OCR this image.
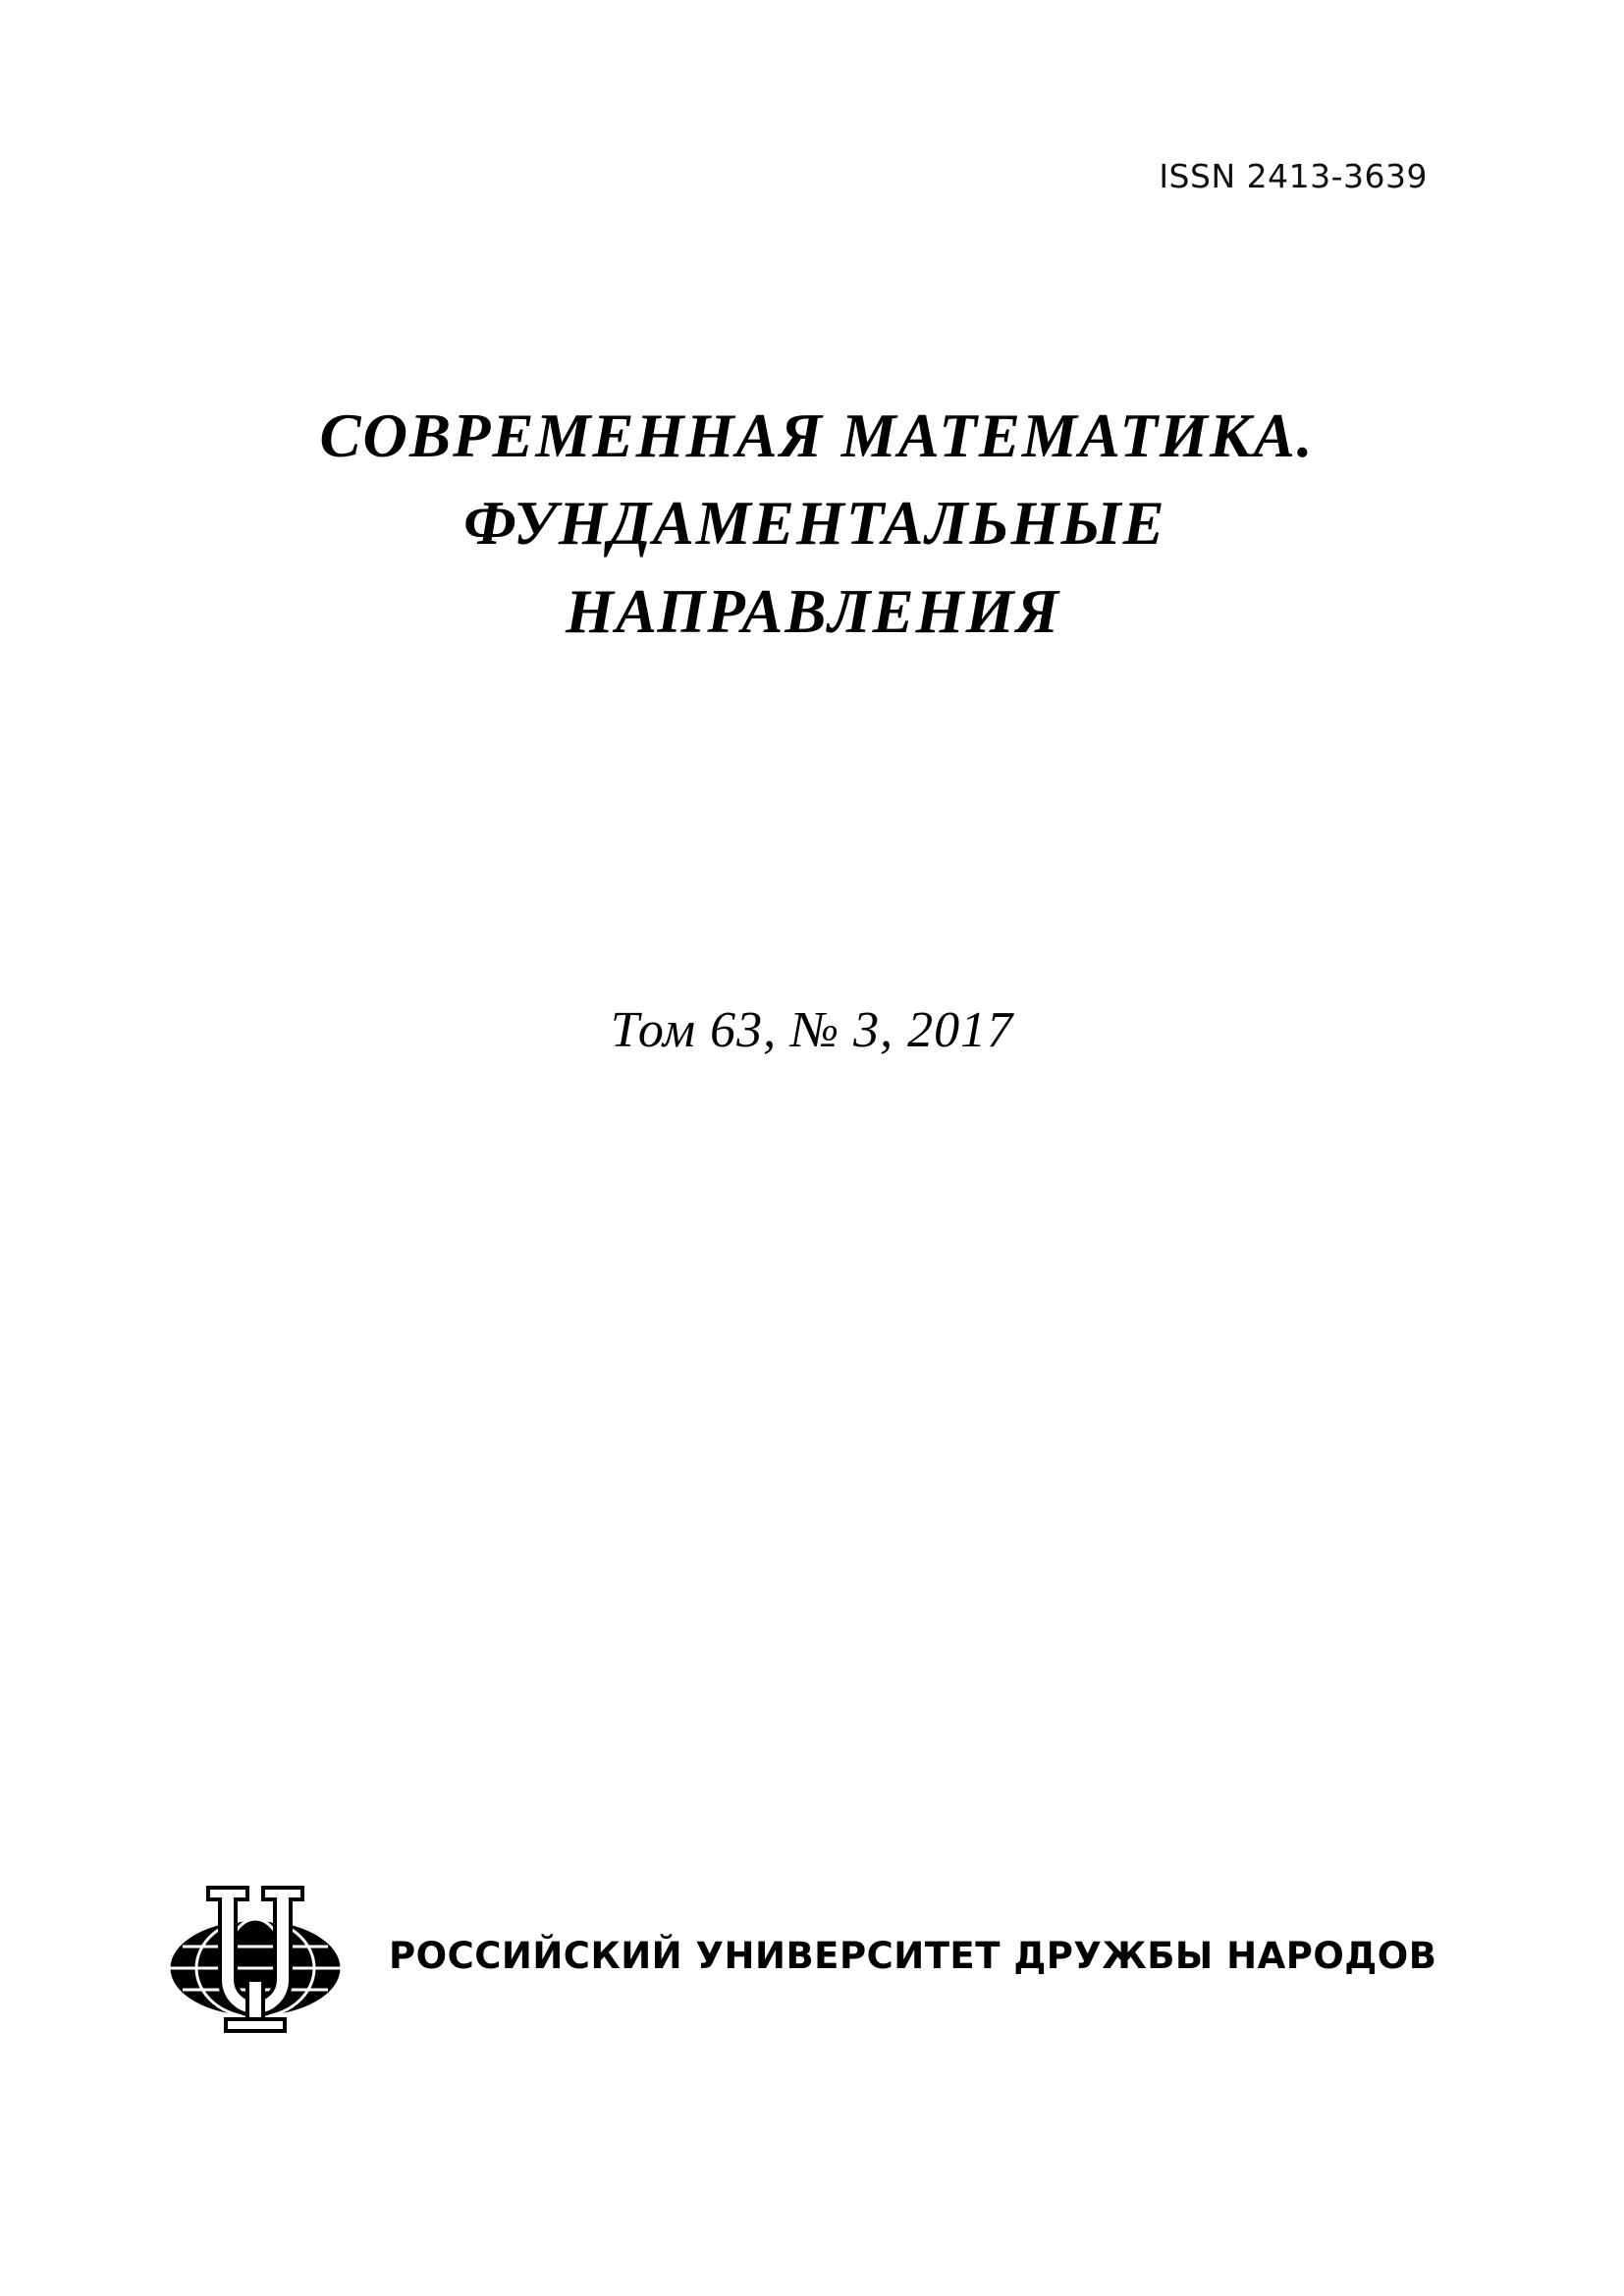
ISSN 2413-3639
СОВРЕМЕННАЯ МАТЕМАТИКА.
ФУНДАМЕНТАЛЬНЫЕ
НАПРАВЛЕНИЯ
Том 63, № 3, 2017
РОССИЙСКИЙ УНИВЕРСИТЕТ ДРУЖБЫ НАРОДОВ
